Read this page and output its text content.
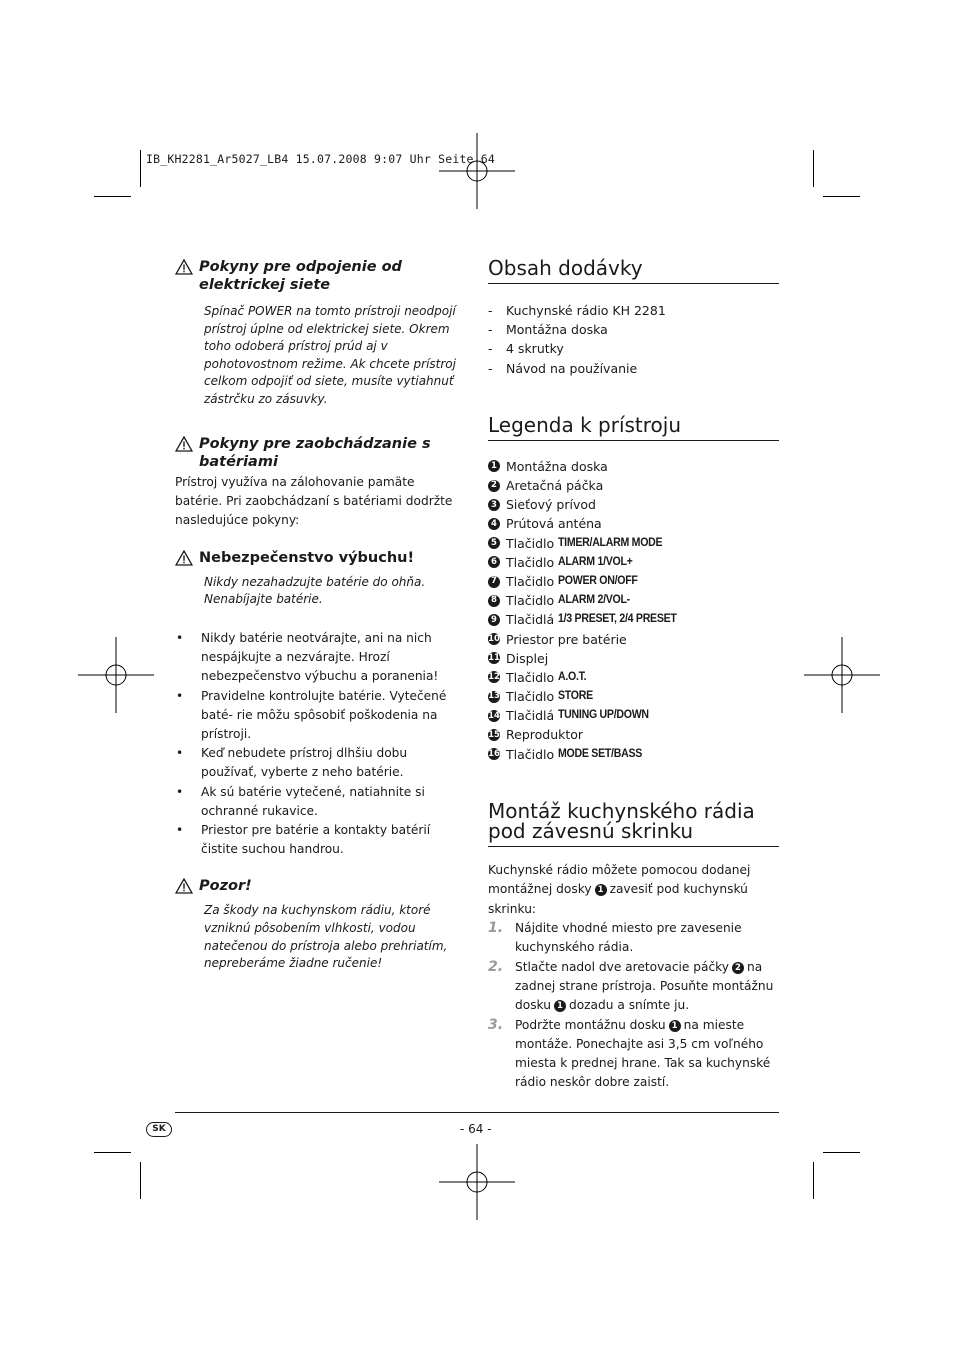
IB_KH2281_Ar5027_LB4 15.07.2008 9:07 Uhr Seite 64
Pokyny pre odpojenie od elektrickej siete

Spínač POWER na tomto prístroji neodpojí prístroj úplne od elektrickej siete. Okrem toho odoberá prístroj prúd aj v pohotovostnom režime. Ak chcete prístroj celkom odpojiť od siete, musíte vytiahnuť zástrčku zo zásuvky.

Pokyny pre zaobchádzanie s batériami

Prístroj využíva na zálohovanie pamäte batérie. Pri zaobchádzaní s batériami dodržte nasledujúce pokyny:

Nebezpečenstvo výbuchu!

Nikdy nezahadzujte batérie do ohňa. Nenabíjajte batérie.

• Nikdy batérie neotvárajte, ani na nich nespájkujte a nezvárajte. Hrozí nebezpečenstvo výbuchu a poranenia!
• Pravidelne kontrolujte batérie. Vytečené baté- rie môžu spôsobiť poškodenia na prístroji.
• Keď nebudete prístroj dlhšiu dobu používať, vyberte z neho batérie.
• Ak sú batérie vytečené, natiahnite si ochranné rukavice.
• Priestor pre batérie a kontakty batérií čistite suchou handrou.
Pozor!

Za škody na kuchynskom rádiu, ktoré vzniknú pôsobením vlhkosti, vodou natečenou do prístroja alebo prehriatím, nepreberáme žiadne ručenie!

Obsah dodávky
- Kuchynské rádio KH 2281
- Montážna doska
- 4 skrutky
- Návod na používanie
Legenda k prístroju
1 Montážna doska
2 Aretačná páčka
3 Sieťový prívod
4 Prútová anténa
5 Tlačidlo TIMER/ALARM MODE
6 Tlačidlo ALARM 1/VOL+
7 Tlačidlo POWER ON/OFF
8 Tlačidlo ALARM 2/VOL-
9 Tlačidlá 1/3 PRESET, 2/4 PRESET
10 Priestor pre batérie
11 Displej
12 Tlačidlo A.O.T.
13 Tlačidlo STORE
14 Tlačidlá TUNING UP/DOWN
15 Reproduktor
16 Tlačidlo MODE SET/BASS
Montáž kuchynského rádia
pod závesnú skrinku

Kuchynské rádio môžete pomocou dodanej montážnej dosky 1 zavesiť pod kuchynskú skrinku:

1. Nájdite vhodné miesto pre zavesenie kuchynského rádia.
2. Stlačte nadol dve aretovacie páčky 2 na zadnej strane prístroja. Posuňte montážnu dosku 1 dozadu a snímte ju.
3. Podržte montážnu dosku 1 na mieste montáže. Ponechajte asi 3,5 cm voľného miesta k prednej hrane. Tak sa kuchynské rádio neskôr dobre zaistí.
SK	- 64 -
